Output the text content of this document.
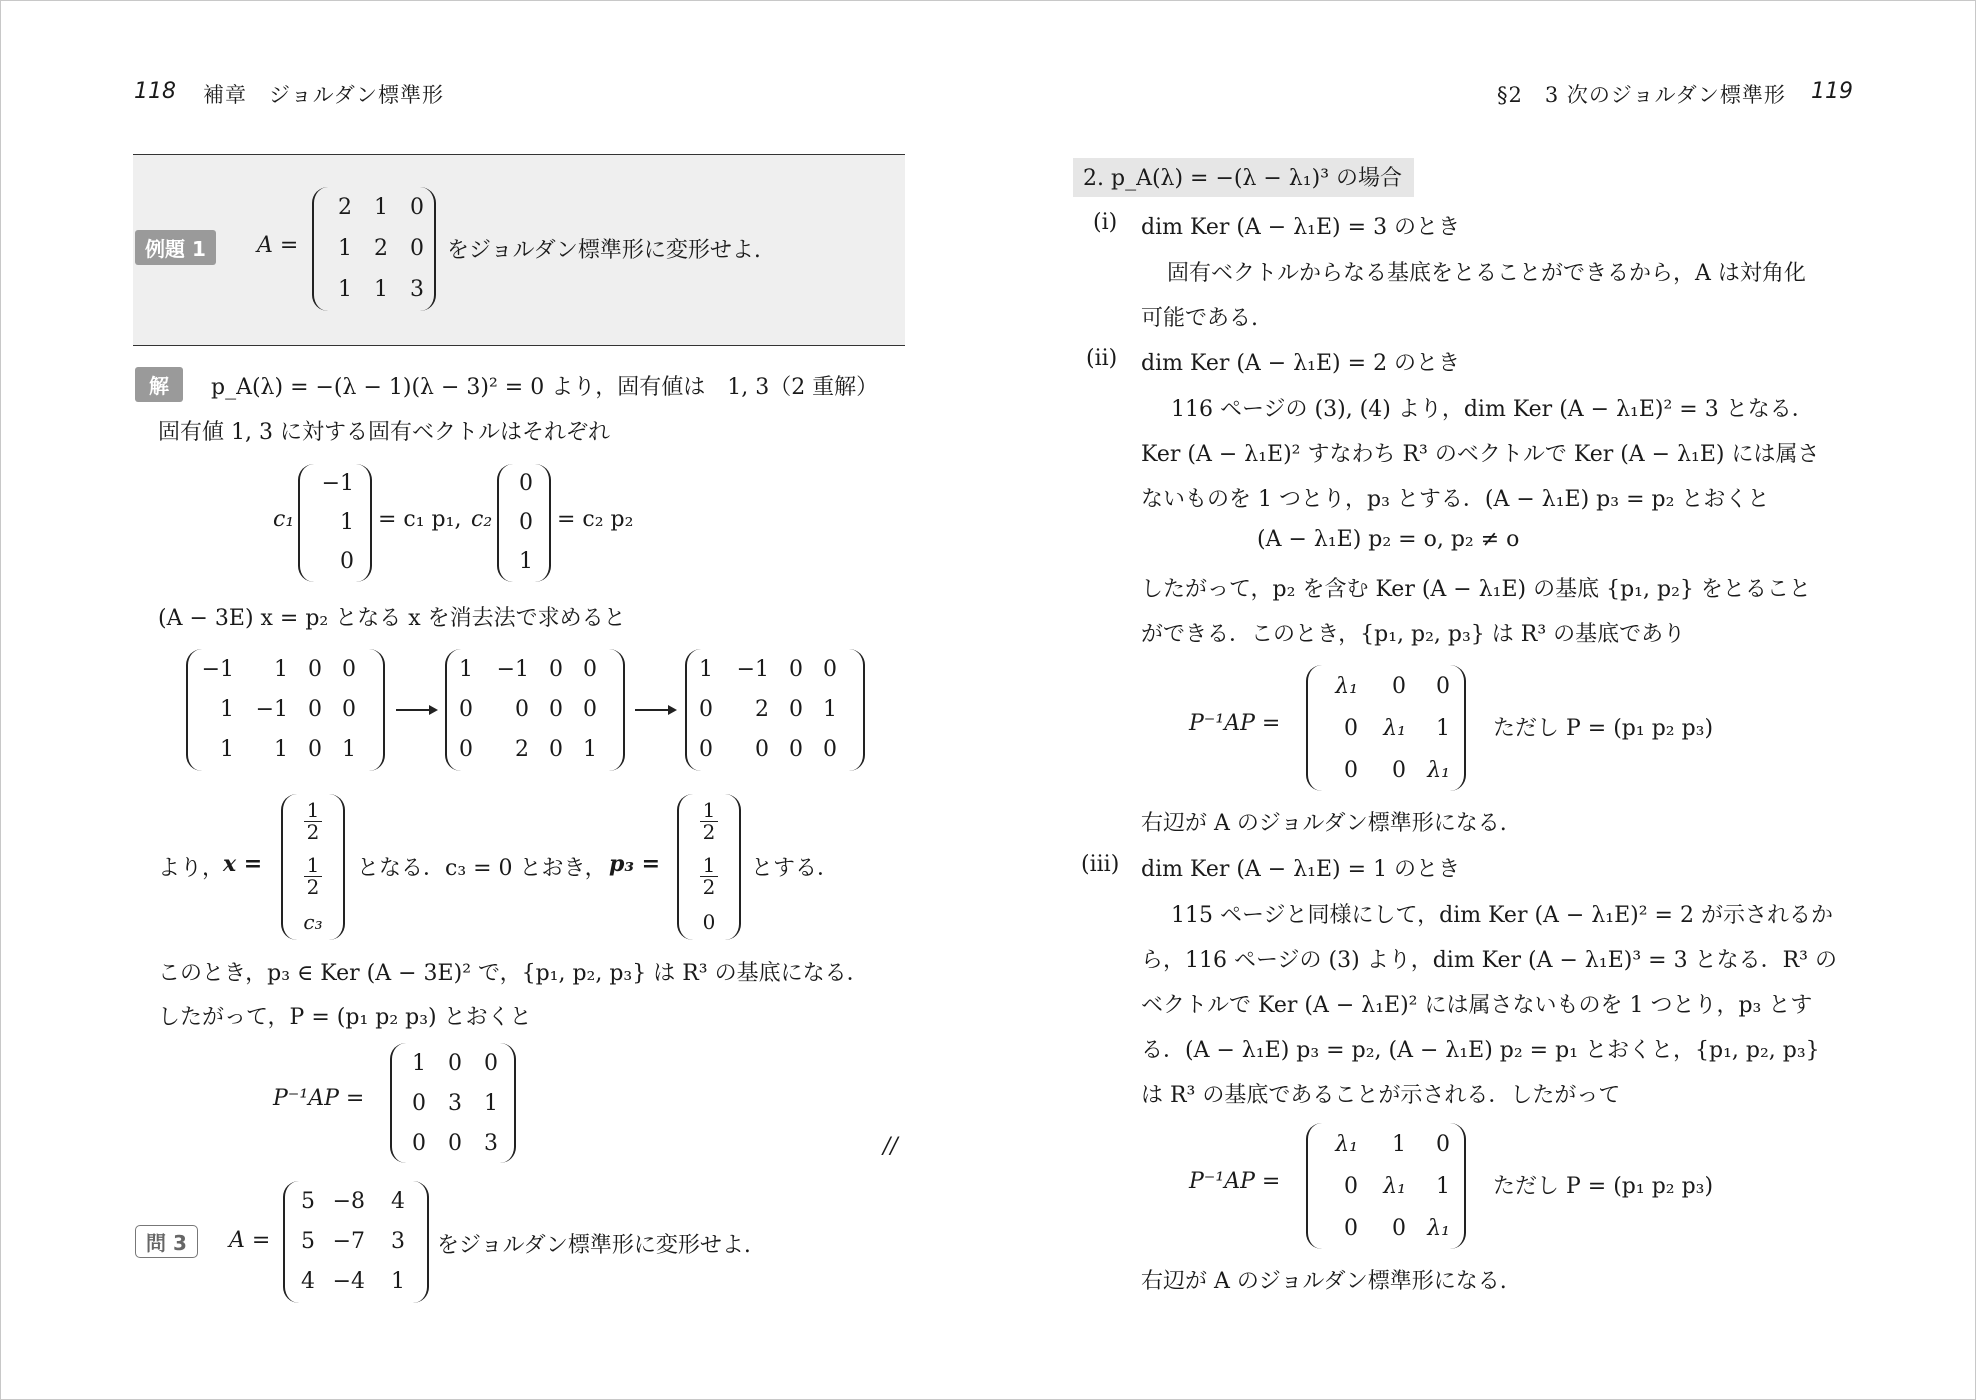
118 補章　ジョルダン標準形
例題 1	A =
2 1 0
1 2 0
1 1 3
をジョルダン標準形に変形せよ.
解	p_A(λ) = −(λ − 1)(λ − 3)² = 0 より，固有値は　1, 3（2 重解）
固有値 1, 3 に対する固有ベクトルはそれぞれ
c₁
−1
1
0
= c₁ p₁, c₂
0
0
1
= c₂ p₂
(A − 3E) x = p₂ となる x を消去法で求めると
−1 1 0 0
1 −1 0 0
1 1 0 1
1 −1 0 0
0 0 0 0
0 2 0 1
1 −1 0 0
0 2 0 1
0 0 0 0
より，
x =
$\frac{1}{2}$
$\frac{1}{2}$
c₃
となる．c₃ = 0 とおき， p₃ =
$\frac{1}{2}$
$\frac{1}{2}$
0
とする．
このとき，p₃ ∈ Ker (A − 3E)² で，{p₁, p₂, p₃} は R³ の基底になる．
したがって，P = (p₁ p₂ p₃) とおくと
P⁻¹AP =
1 0 0
0 3 1
0 0 3	//
問 3	A =
5 −8 4
5 −7 3
4 −4 1
をジョルダン標準形に変形せよ.
§2　3 次のジョルダン標準形 119
2. p_A(λ) = −(λ − λ₁)³ の場合
(i) dim Ker (A − λ₁E) = 3 のとき
固有ベクトルからなる基底をとることができるから，A は対角化
可能である.
(ii) dim Ker (A − λ₁E) = 2 のとき
116 ページの (3), (4) より，dim Ker (A − λ₁E)² = 3 となる．
Ker (A − λ₁E)² すなわち R³ のベクトルで Ker (A − λ₁E) には属さ
ないものを 1 つとり，p₃ とする．(A − λ₁E) p₃ = p₂ とおくと
(A − λ₁E) p₂ = o, p₂ ≠ o
したがって，p₂ を含む Ker (A − λ₁E) の基底 {p₁, p₂} をとること
ができる．このとき，{p₁, p₂, p₃} は R³ の基底であり
P⁻¹AP =
λ₁ 0 0
0 λ₁ 1
0 0 λ₁
ただし P = (p₁ p₂ p₃)
右辺が A のジョルダン標準形になる.
(iii) dim Ker (A − λ₁E) = 1 のとき
115 ページと同様にして，dim Ker (A − λ₁E)² = 2 が示されるか
ら，116 ページの (3) より，dim Ker (A − λ₁E)³ = 3 となる．R³ の
ベクトルで Ker (A − λ₁E)² には属さないものを 1 つとり，p₃ とす
る．(A − λ₁E) p₃ = p₂, (A − λ₁E) p₂ = p₁ とおくと，{p₁, p₂, p₃}
は R³ の基底であることが示される．したがって
P⁻¹AP =
λ₁ 1 0
0 λ₁ 1
0 0 λ₁
ただし P = (p₁ p₂ p₃)
右辺が A のジョルダン標準形になる.
